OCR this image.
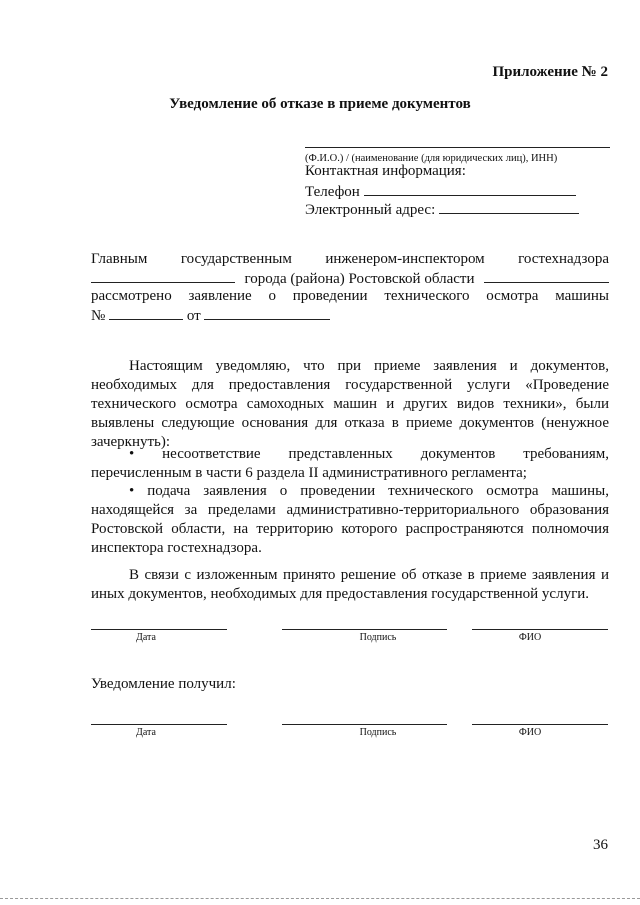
Приложение № 2
Уведомление об отказе в приеме документов
(Ф.И.О.) / (наименование (для юридических лиц), ИНН)
Контактная информация:
Телефон
Электронный адрес:
Главным государственным инженером-инспектором гостехнадзора
города (района) Ростовской области
рассмотрено заявление о проведении технического осмотра машины
№	от
Настоящим уведомляю, что при приеме заявления и документов, необходимых для предоставления государственной услуги «Проведение технического осмотра самоходных машин и других видов техники», были выявлены следующие основания для отказа в приеме документов (ненужное зачеркнуть):
• несоответствие представленных документов требованиям, перечисленным в части 6 раздела II административного регламента;
• подача заявления о проведении технического осмотра машины, находящейся за пределами административно-территориального образования Ростовской области, на территорию которого распространяются полномочия инспектора гостехнадзора.
В связи с изложенным принято решение об отказе в приеме заявления и иных документов, необходимых для предоставления государственной услуги.
Дата	Подпись	ФИО
Уведомление получил:
Дата	Подпись	ФИО
36
